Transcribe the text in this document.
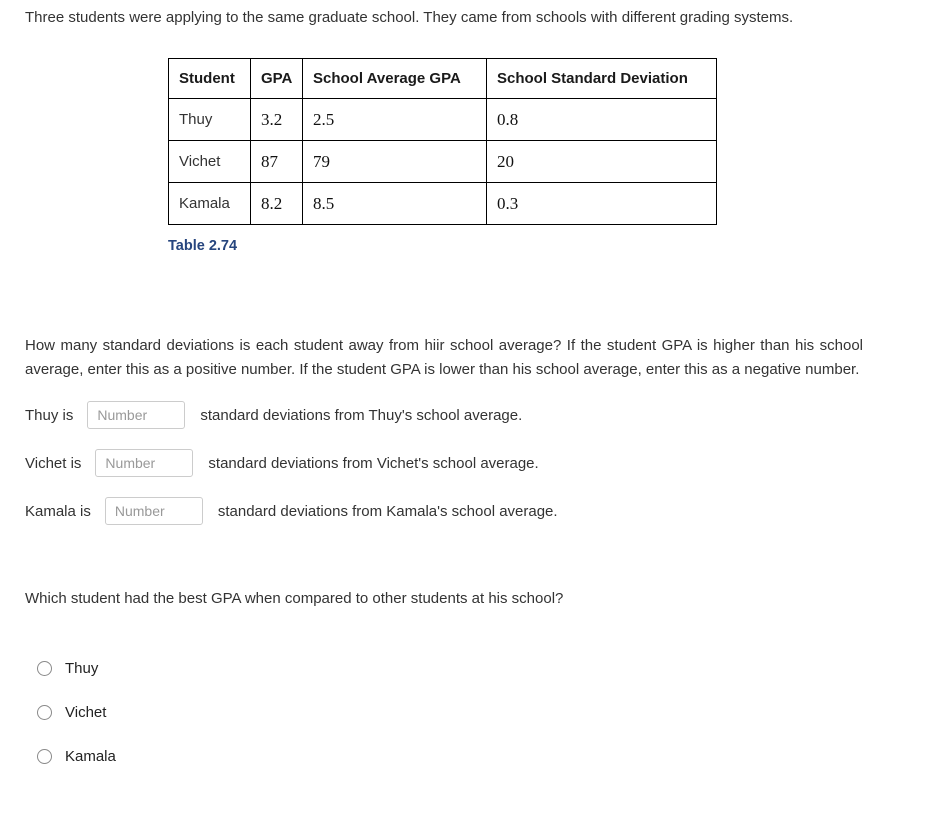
Three students were applying to the same graduate school. They came from schools with different grading systems.

Student	GPA	School Average GPA	School Standard Deviation
Thuy	3.2	2.5	0.8
Vichet	87	79	20
Kamala	8.2	8.5	0.3
Table 2.74

How many standard deviations is each student away from hiir school average? If the student GPA is higher than his school average, enter this as a positive number. If the student GPA is lower than his school average, enter this as a negative number.

Thuy is
Number	standard deviations from Thuy's school average.
Vichet is
Number	standard deviations from Vichet's school average.
Kamala is
Number	standard deviations from Kamala's school average.

Which student had the best GPA when compared to other students at his school?

Thuy
Vichet
Kamala
